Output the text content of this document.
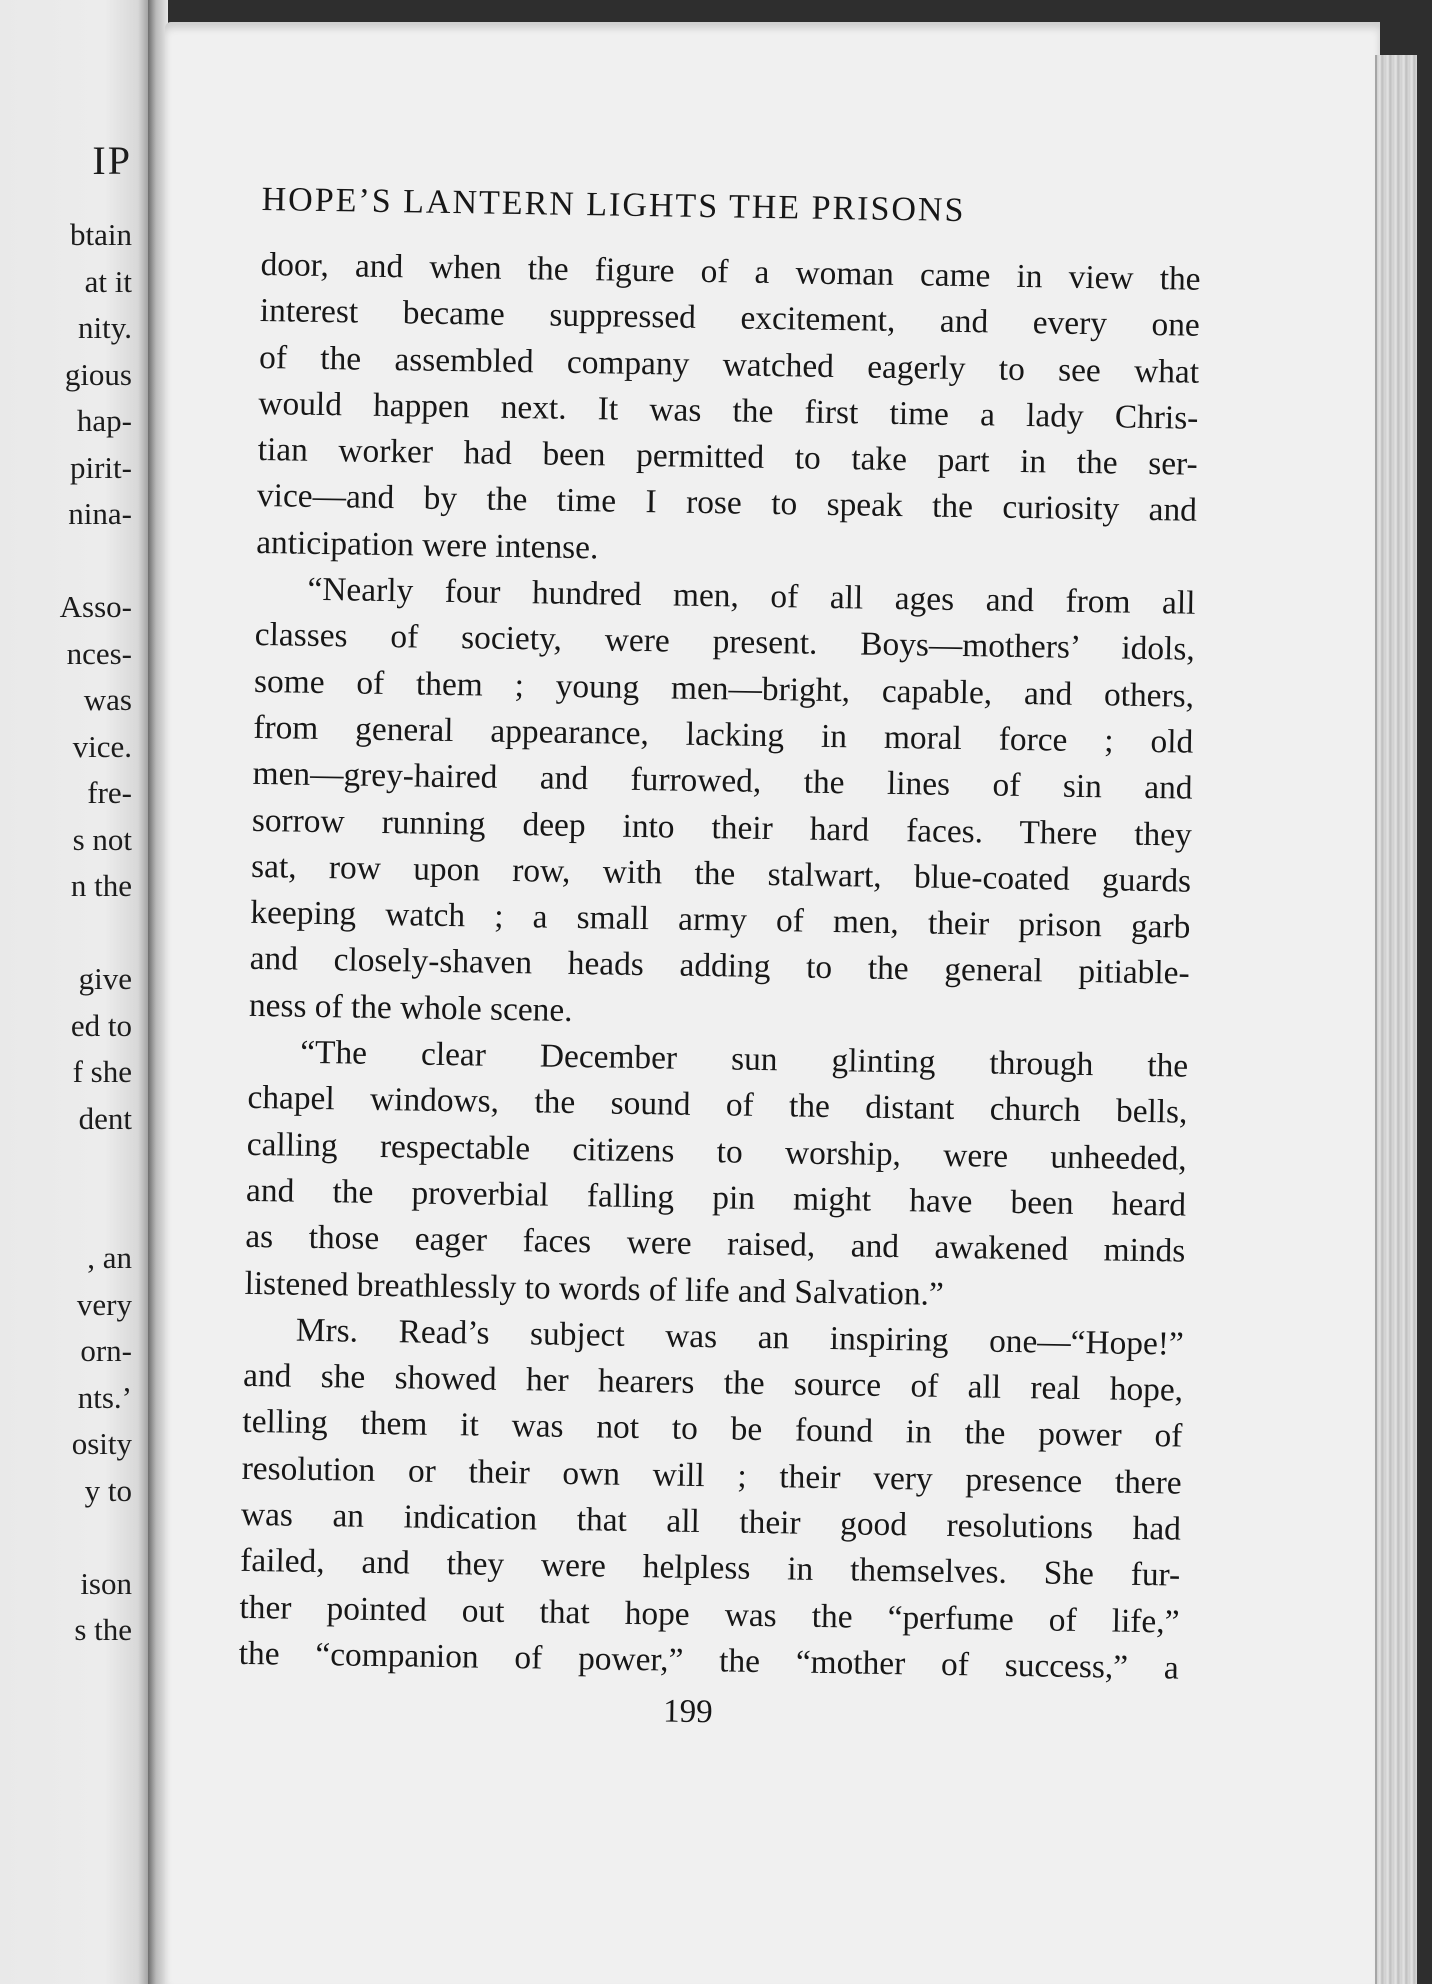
IP
btain
at it
nity.
gious
hap-
pirit-
nina-
Asso-
nces-
was
vice.
fre-
s not
n the
give
ed to
f she
dent
, an
very
orn-
nts.’
osity
y to
ison
s the
HOPE’S LANTERN LIGHTS THE PRISONS
door, and when the figure of a woman came in view the
interest became suppressed excitement, and every one
of the assembled company watched eagerly to see what
would happen next. It was the first time a lady Chris-
tian worker had been permitted to take part in the ser-
vice—and by the time I rose to speak the curiosity and
anticipation were intense.
“Nearly four hundred men, of all ages and from all
classes of society, were present. Boys—mothers’ idols,
some of them ; young men—bright, capable, and others,
from general appearance, lacking in moral force ; old
men—grey-haired and furrowed, the lines of sin and
sorrow running deep into their hard faces. There they
sat, row upon row, with the stalwart, blue-coated guards
keeping watch ; a small army of men, their prison garb
and closely-shaven heads adding to the general pitiable-
ness of the whole scene.
“The clear December sun glinting through the
chapel windows, the sound of the distant church bells,
calling respectable citizens to worship, were unheeded,
and the proverbial falling pin might have been heard
as those eager faces were raised, and awakened minds
listened breathlessly to words of life and Salvation.”
Mrs. Read’s subject was an inspiring one—“Hope!”
and she showed her hearers the source of all real hope,
telling them it was not to be found in the power of
resolution or their own will ; their very presence there
was an indication that all their good resolutions had
failed, and they were helpless in themselves. She fur-
ther pointed out that hope was the “perfume of life,”
the “companion of power,” the “mother of success,” a
199
